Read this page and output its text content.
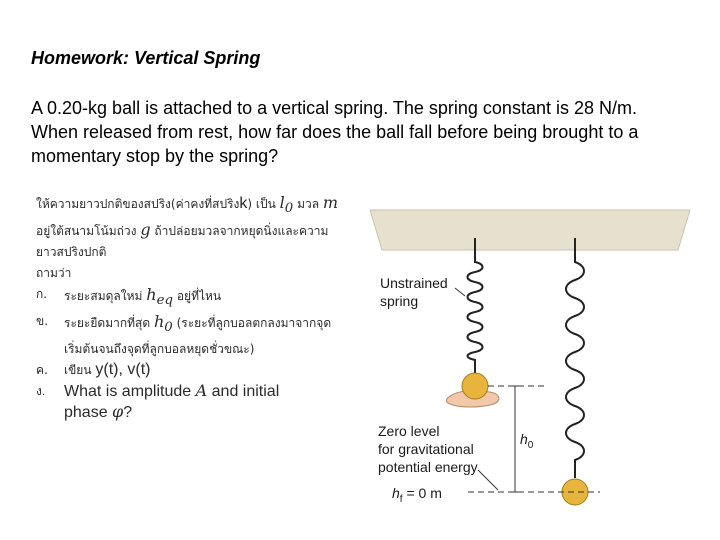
Homework: Vertical Spring
A 0.20-kg ball is attached to a vertical spring. The spring constant is 28 N/m. When released from rest, how far does the ball fall before being brought to a momentary stop by the spring?
ให้ความยาวปกติของสปริง(ค่าคงที่สปริงk) เป็น $l_0$ มวล m อยู่ใต้สนามโน้มถ่วง g ถ้าปล่อยมวลจากหยุดนิ่งและความยาวสปริงปกติ
ถามว่า
ก. ระยะสมดุลใหม่ $h_{eq}$ อยู่ที่ไหน
ข. ระยะยืดมากที่สุด $h_0$ (ระยะที่ลูกบอลตกลงมาจากจุดเริ่มต้นจนถึงจุดที่ลูกบอลหยุดชั่วขณะ)
ค. เขียน y(t), v(t)
ง. What is amplitude A and initial phase φ?
Unstrained
spring
Zero level
for gravitational
potential energy
$h_0$
$h_f = 0$ m
